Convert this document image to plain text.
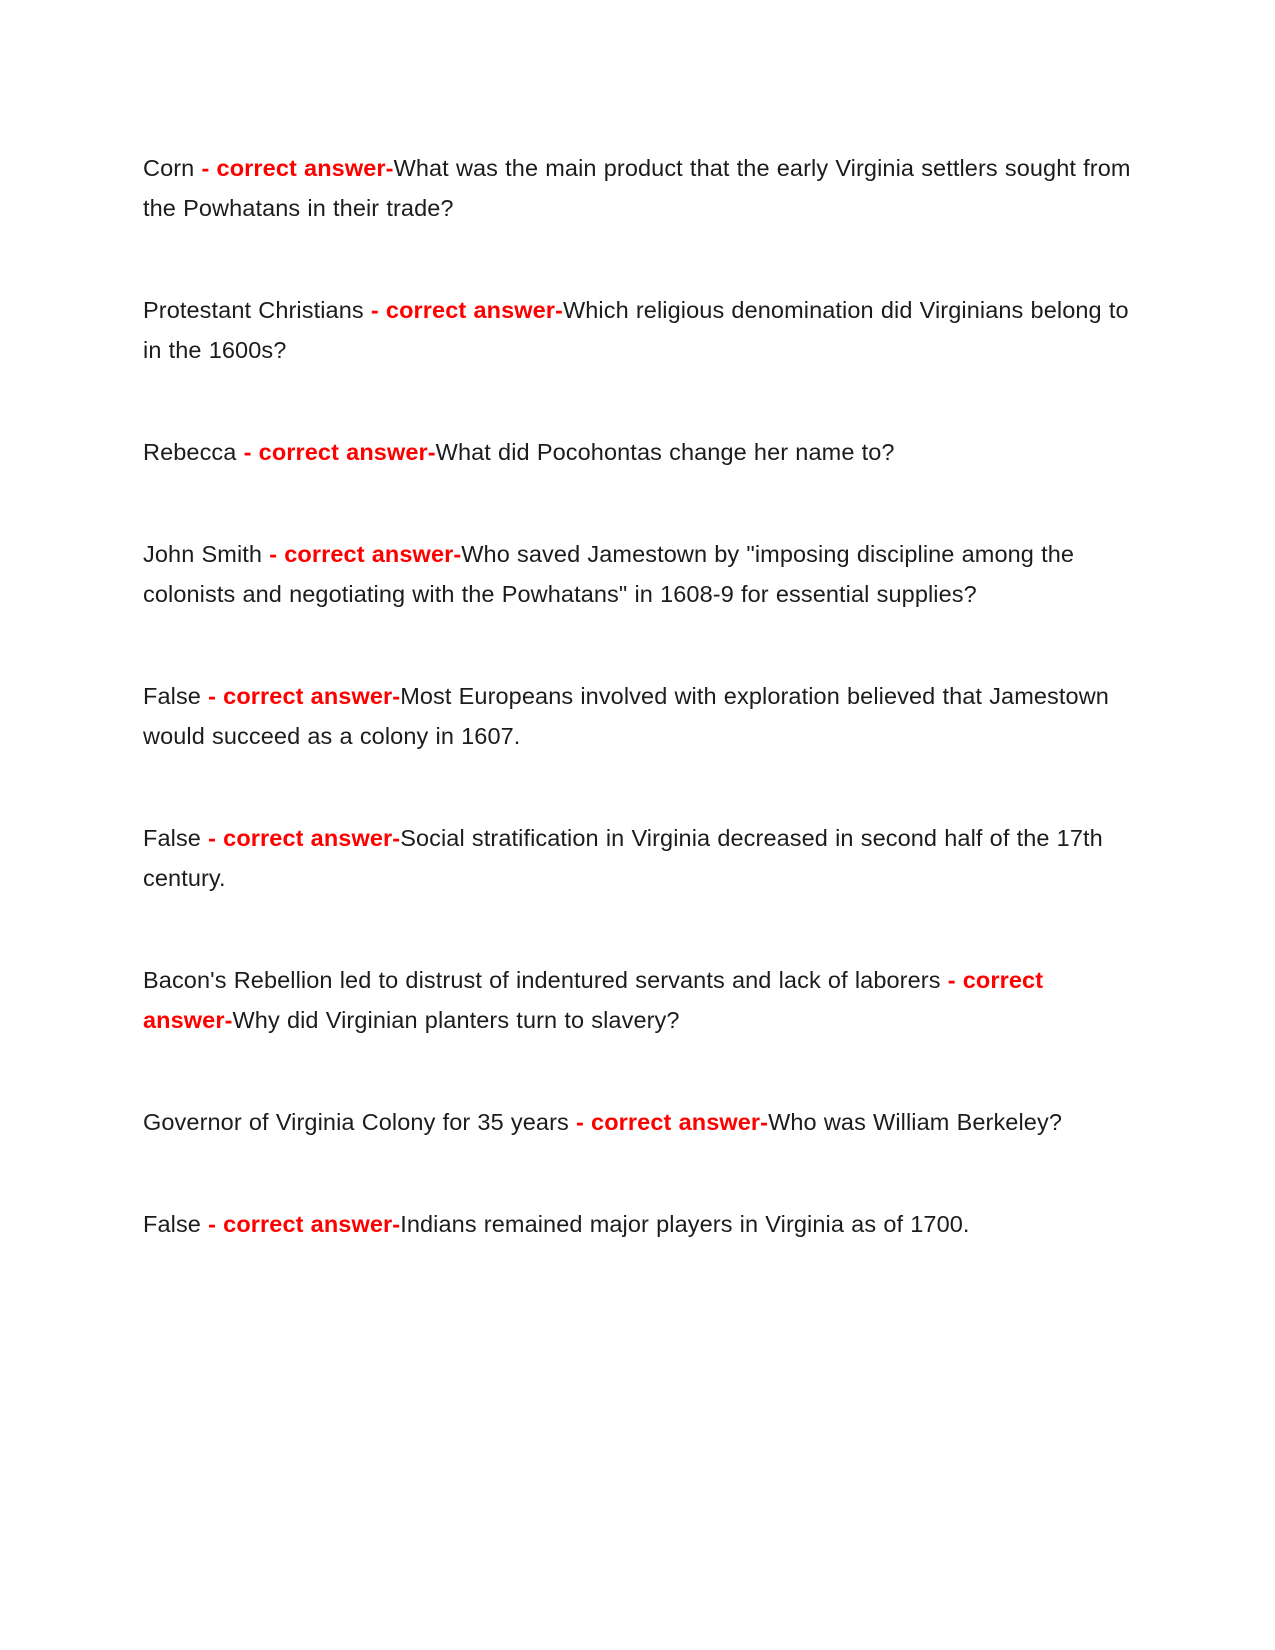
Corn - correct answer-What was the main product that the early Virginia settlers sought from the Powhatans in their trade?

Protestant Christians - correct answer-Which religious denomination did Virginians belong to in the 1600s?

Rebecca - correct answer-What did Pocohontas change her name to?

John Smith - correct answer-Who saved Jamestown by "imposing discipline among the colonists and negotiating with the Powhatans" in 1608-9 for essential supplies?

False - correct answer-Most Europeans involved with exploration believed that Jamestown would succeed as a colony in 1607.

False - correct answer-Social stratification in Virginia decreased in second half of the 17th century.

Bacon's Rebellion led to distrust of indentured servants and lack of laborers - correct answer-Why did Virginian planters turn to slavery?

Governor of Virginia Colony for 35 years - correct answer-Who was William Berkeley?

False - correct answer-Indians remained major players in Virginia as of 1700.
